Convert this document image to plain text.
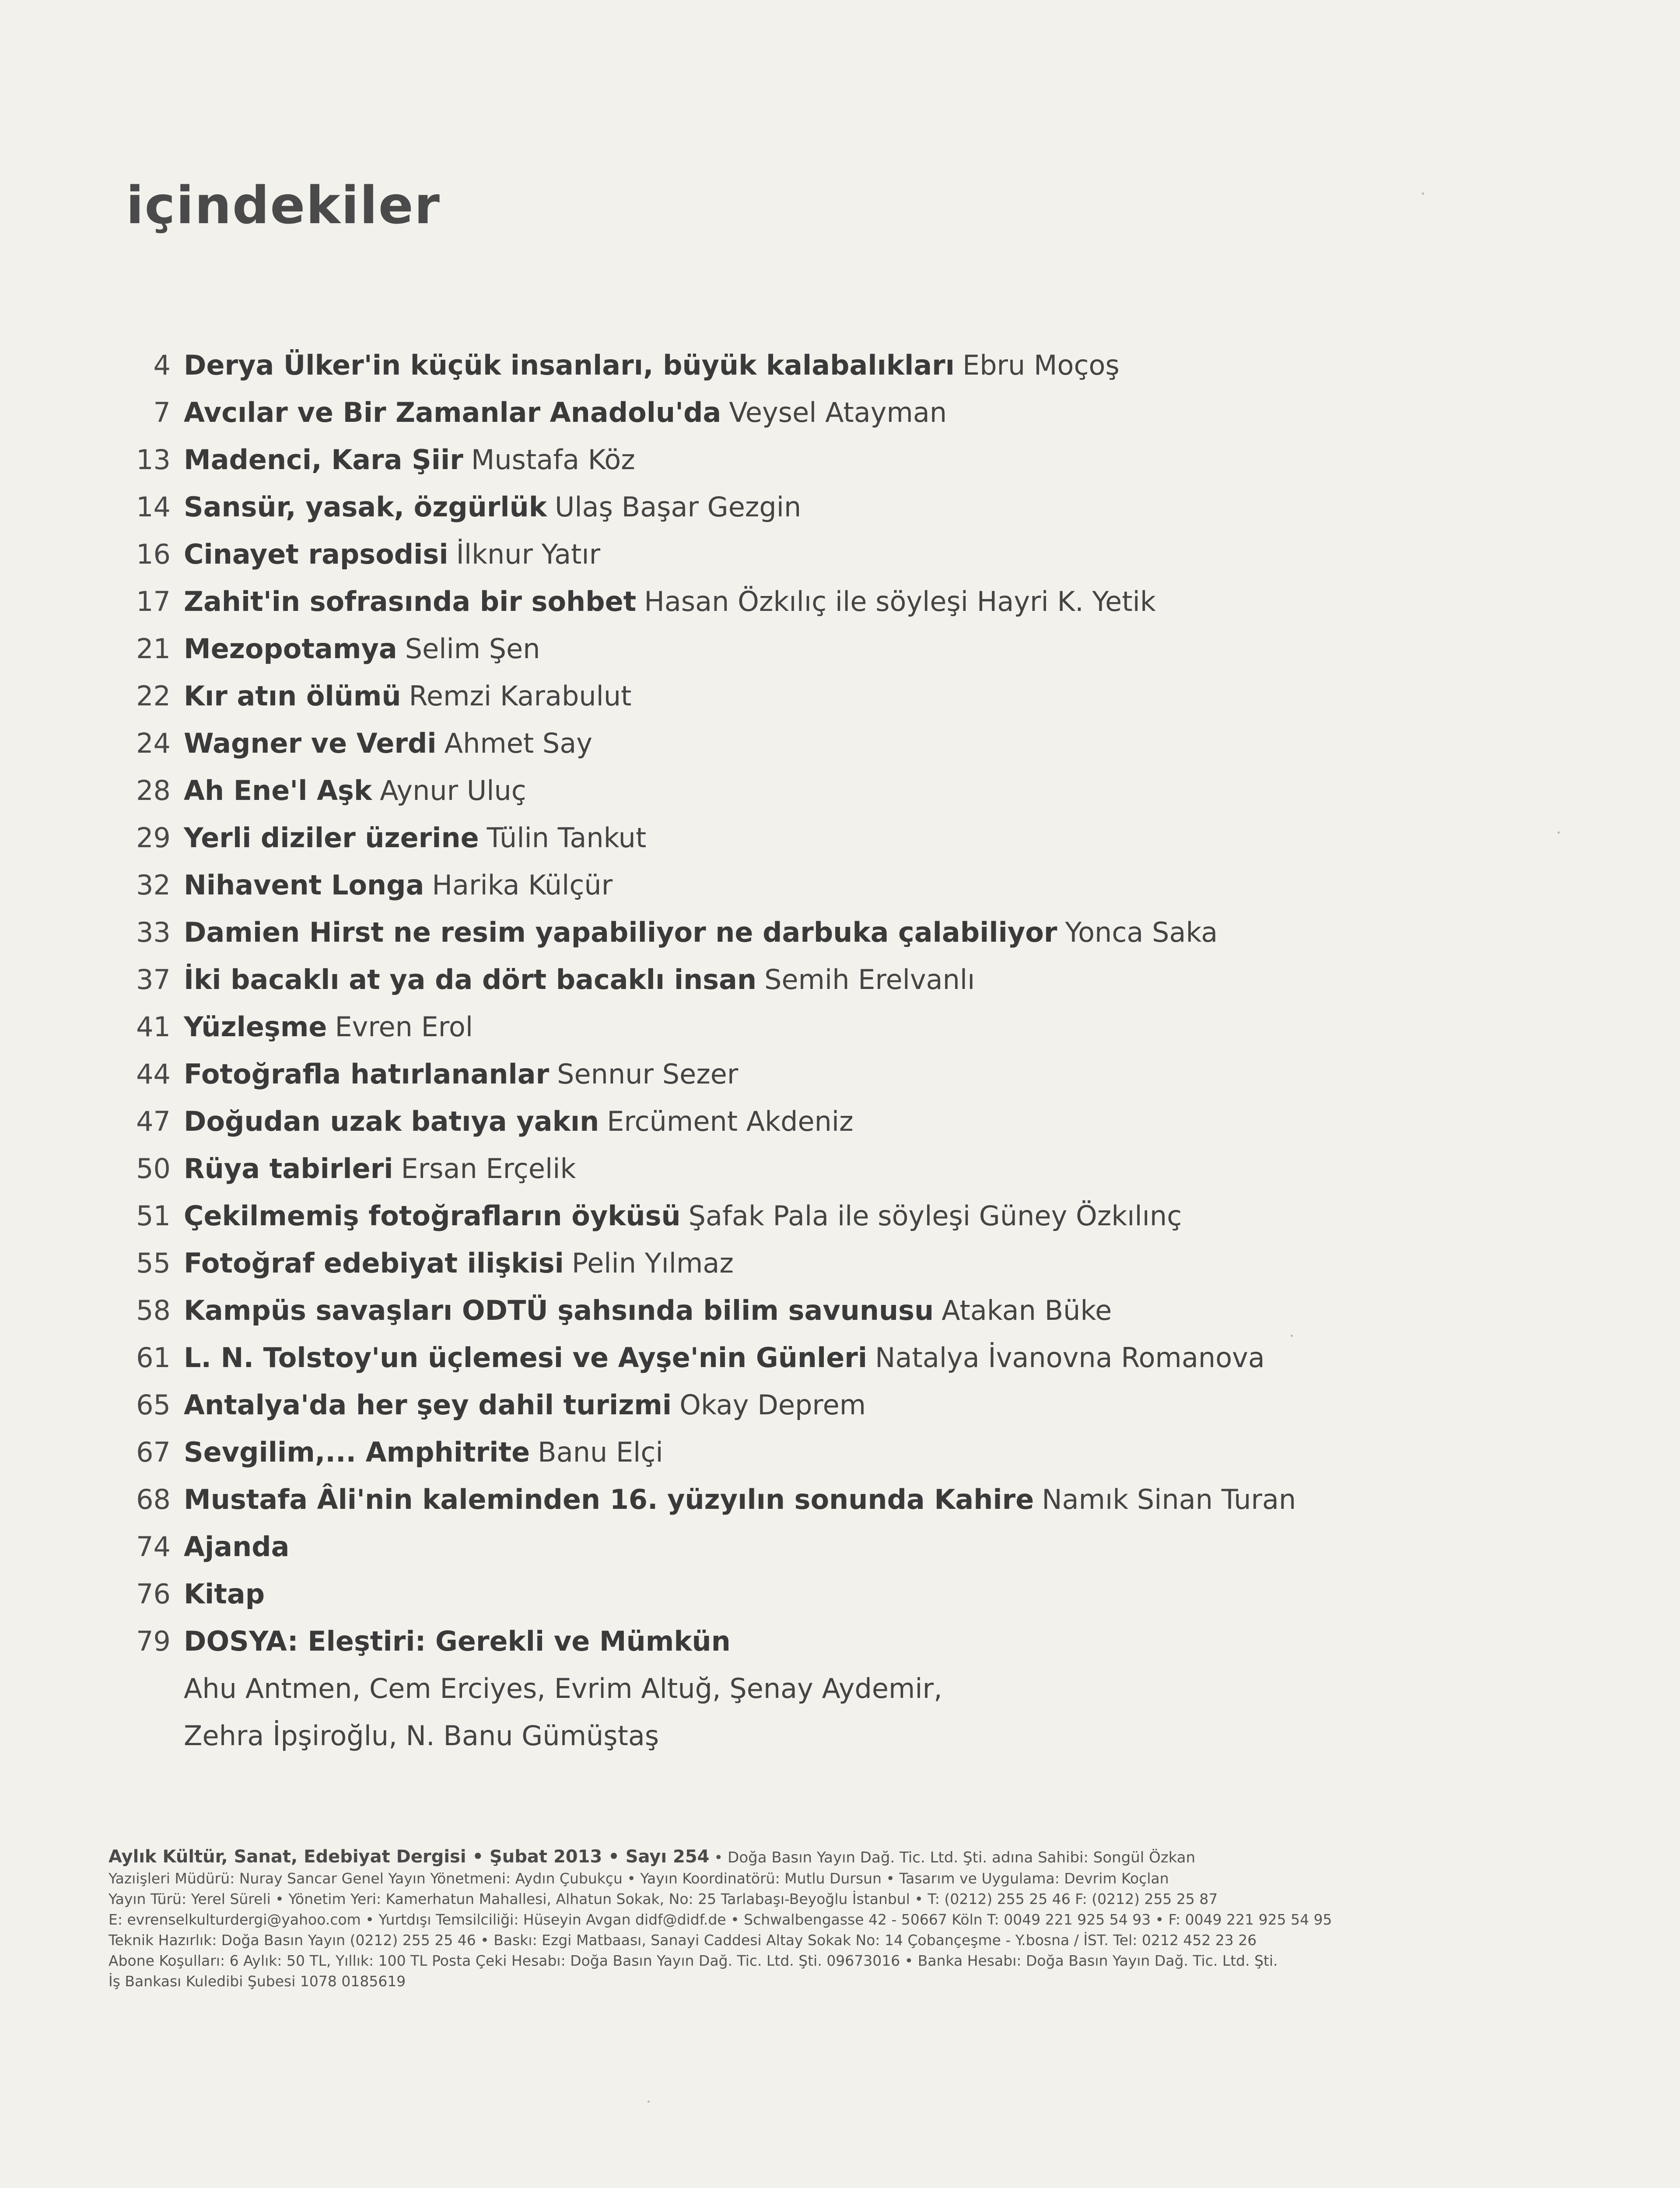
içindekiler
4 Derya Ülker'in küçük insanları, büyük kalabalıkları Ebru Moçoş
7 Avcılar ve Bir Zamanlar Anadolu'da Veysel Atayman
13 Madenci, Kara Şiir Mustafa Köz
14 Sansür, yasak, özgürlük Ulaş Başar Gezgin
16 Cinayet rapsodisi İlknur Yatır
17 Zahit'in sofrasında bir sohbet Hasan Özkılıç ile söyleşi Hayri K. Yetik
21 Mezopotamya Selim Şen
22 Kır atın ölümü Remzi Karabulut
24 Wagner ve Verdi Ahmet Say
28 Ah Ene'l Aşk Aynur Uluç
29 Yerli diziler üzerine Tülin Tankut
32 Nihavent Longa Harika Külçür
33 Damien Hirst ne resim yapabiliyor ne darbuka çalabiliyor Yonca Saka
37 İki bacaklı at ya da dört bacaklı insan Semih Erelvanlı
41 Yüzleşme Evren Erol
44 Fotoğrafla hatırlananlar Sennur Sezer
47 Doğudan uzak batıya yakın Ercüment Akdeniz
50 Rüya tabirleri Ersan Erçelik
51 Çekilmemiş fotoğrafların öyküsü Şafak Pala ile söyleşi Güney Özkılınç
55 Fotoğraf edebiyat ilişkisi Pelin Yılmaz
58 Kampüs savaşları ODTÜ şahsında bilim savunusu Atakan Büke
61 L. N. Tolstoy'un üçlemesi ve Ayşe'nin Günleri Natalya İvanovna Romanova
65 Antalya'da her şey dahil turizmi Okay Deprem
67 Sevgilim,... Amphitrite Banu Elçi
68 Mustafa Âli'nin kaleminden 16. yüzyılın sonunda Kahire Namık Sinan Turan
74 Ajanda
76 Kitap
79 DOSYA: Eleştiri: Gerekli ve Mümkün
Ahu Antmen, Cem Erciyes, Evrim Altuğ, Şenay Aydemir,
Zehra İpşiroğlu, N. Banu Gümüştaş
Aylık Kültür, Sanat, Edebiyat Dergisi • Şubat 2013 • Sayı 254 • Doğa Basın Yayın Dağ. Tic. Ltd. Şti. adına Sahibi: Songül Özkan
Yazıişleri Müdürü: Nuray Sancar Genel Yayın Yönetmeni: Aydın Çubukçu • Yayın Koordinatörü: Mutlu Dursun • Tasarım ve Uygulama: Devrim Koçlan
Yayın Türü: Yerel Süreli • Yönetim Yeri: Kamerhatun Mahallesi, Alhatun Sokak, No: 25 Tarlabaşı-Beyoğlu İstanbul • T: (0212) 255 25 46 F: (0212) 255 25 87
E: evrenselkulturdergi@yahoo.com • Yurtdışı Temsilciliği: Hüseyin Avgan didf@didf.de • Schwalbengasse 42 - 50667 Köln T: 0049 221 925 54 93 • F: 0049 221 925 54 95
Teknik Hazırlık: Doğa Basın Yayın (0212) 255 25 46 • Baskı: Ezgi Matbaası, Sanayi Caddesi Altay Sokak No: 14 Çobançeşme - Y.bosna / İST. Tel: 0212 452 23 26
Abone Koşulları: 6 Aylık: 50 TL, Yıllık: 100 TL Posta Çeki Hesabı: Doğa Basın Yayın Dağ. Tic. Ltd. Şti. 09673016 • Banka Hesabı: Doğa Basın Yayın Dağ. Tic. Ltd. Şti.
İş Bankası Kuledibi Şubesi 1078 0185619
